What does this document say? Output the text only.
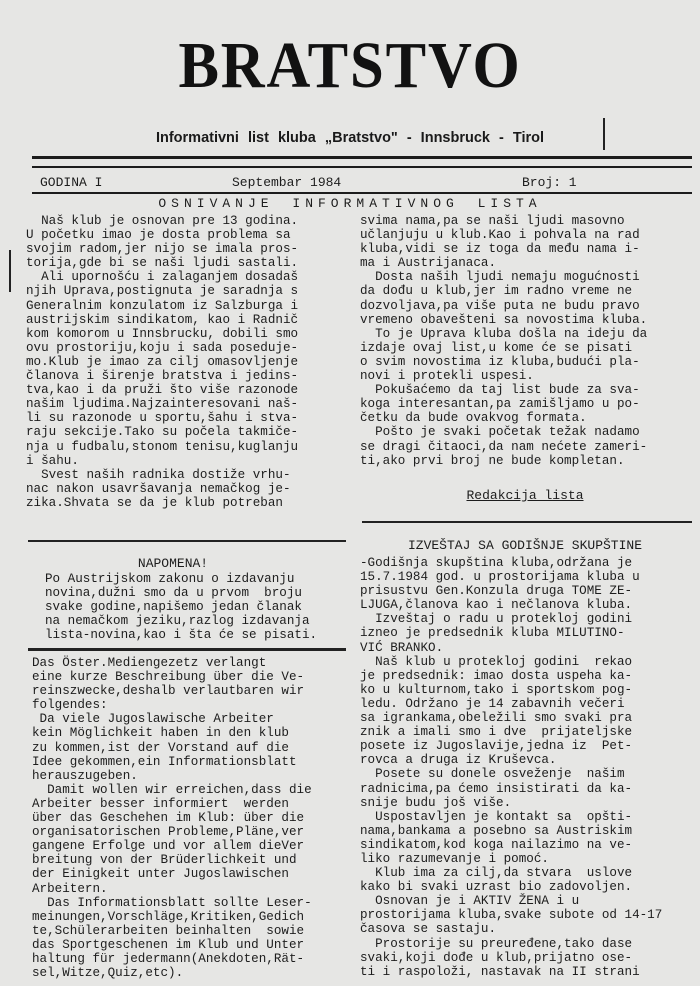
BRATSTVO
Informativni list kluba „Bratstvo" - Innsbruck - Tirol
GODINA I	Septembar 1984	Broj: 1
OSNIVANJE INFORMATIVNOG LISTA

Naš klub je osnovan pre 13 godina.

U početku imao je dosta problema sa

svojim radom,jer nijo se imala pros-

torija,gde bi se naši ljudi sastali.

Ali upornošću i zalaganjem dosadaš

njih Uprava,postignuta je saradnja s

Generalnim konzulatom iz Salzburga i

austrijskim sindikatom, kao i Radnič

kom komorom u Innsbrucku, dobili smo

ovu prostoriju,koju i sada posedujе-

mo.Klub je imao za cilj omasovljenje

članova i širenje bratstva i jedins-

tva,kao i da pruži što više razonode

našim ljudima.Najzainteresovani naš-

li su razonode u sportu,šahu i stva-

raju sekcije.Tako su počela takmiče-

nja u fudbalu,stonom tenisu,kuglanju

i šahu.

Svest naših radnika dostiže vrhu-

nac nakon usavršavanja nemačkog je-

zika.Shvata se da je klub potreban

svima nama,pa se naši ljudi masovno

učlanjuju u klub.Kao i pohvala na rad

kluba,vidi se iz toga da među nama i-

ma i Austrijanaca.

Dosta naših ljudi nemaju mogućnosti

da dođu u klub,jer im radno vreme ne

dozvoljava,pa više puta ne budu pravo

vremeno obavešteni sa novostima kluba.

To je Uprava kluba došla na ideju da

izdaje ovaj list,u kome će se pisati

o svim novostima iz kluba,budući pla-

novi i protekli uspesi.

Pokušaćemo da taj list bude za sva-

koga interesantan,pa zamišljamo u po-

četku da bude ovakvog formata.

Pošto je svaki početak težak nadamo

se dragi čitaoci,da nam nećete zameri-

ti,ako prvi broj ne bude kompletan.

Redakcija lista
NAPOMENA!

Po Austrijskom zakonu o izdavanju

novina,dužni smo da u prvom  broju

svake godine,napišemo jedan članak

na nemačkom jeziku,razlog izdavanja

lista-novina,kao i šta će se pisati.

Das Öster.Mediengezetz verlangt

eine kurze Beschreibung über die Ve-

reinszwecke,deshalb verlautbaren wir

folgendes:

Da viele Jugoslawische Arbeiter

kein Möglichkeit haben in den klub

zu kommen,ist der Vorstand auf die

Idee gekommen,ein Informationsblatt

herauszugeben.

Damit wollen wir erreichen,dass die

Arbeiter besser informiert  werden

über das Geschehen im Klub: über die

organisatorischen Probleme,Pläne,ver

gangene Erfolge und vor allem dieVer

breitung von der Brüderlichkeit und

der Einigkeit unter Jugoslawischen

Arbeitern.

Das Informationsblatt sollte Leser-

meinungen,Vorschläge,Kritiken,Gedich

te,Schülerarbeiten beinhalten  sowie

das Sportgeschenen im Klub und Unter

haltung für jedermann(Anekdoten,Rät-

sel,Witze,Quiz,etc).

IZVEŠTAJ SA GODIŠNJE SKUPŠTINE

-Godišnja skupština kluba,održana je

15.7.1984 god. u prostorijama kluba u

prisustvu Gen.Konzula druga TOME ZE-

LJUGA,članova kao i nečlanova kluba.

Izveštaj o radu u proteklој godini

izneo je predsednik kluba MILUTINO-

VIĆ BRANKO.

Naš klub u proteklој godini  rekao

je predsednik: imao dosta uspeha ka-

ko u kulturnom,tako i sportskom pog-

ledu. Održano je 14 zabavnih večeri

sa igrankama,obeležili smo svaki pra

znik a imali smo i dve  prijateljske

posete iz Jugoslavije,jedna iz  Pet-

rovca a druga iz Kruševca.

Posete su donele osveženje  našim

radnicima,pa ćemo insistirati da ka-

snije budu još više.

Uspostavljen je kontakt sa  opšti-

nama,bankama a posebno sa Austriskim

sindikatom,kod koga nailazimo na ve-

liko razumevanje i pomoć.

Klub ima za cilj,da stvara  uslove

kako bi svaki uzrast bio zadovoljen.

Osnovan je i AKTIV ŽENA i u

prostorijama kluba,svake subote od 14-17

časova se sastaju.

Prostorije su preuređene,tako dase

svaki,koji dođe u klub,prijatno ose-

ti i raspoloži, nastavak na II strani
